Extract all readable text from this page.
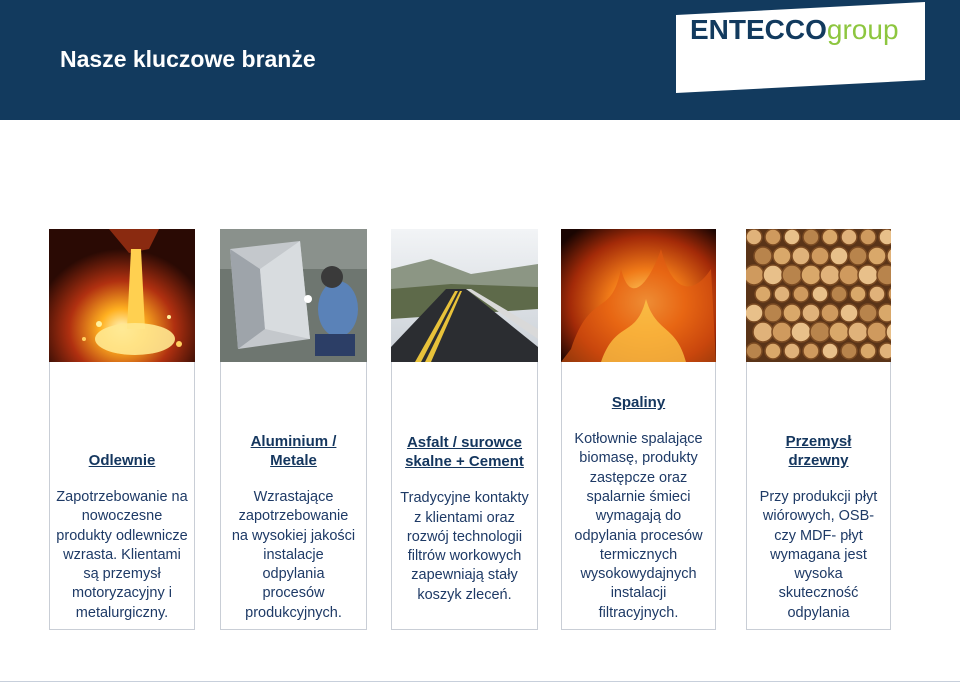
Nasze kluczowe branże
ENTECCOgroup
Odlewnie
Zapotrzebowanie na
nowoczesne
produkty odlewnicze
wzrasta. Klientami
są przemysł
motoryzacyjny i
metalurgiczny.
Aluminium /
Metale
Wzrastające
zapotrzebowanie
na wysokiej jakości
instalacje
odpylania
procesów
produkcyjnych.
Asfalt / surowce
skalne + Cement
Tradycyjne kontakty
z klientami oraz
rozwój technologii
filtrów workowych
zapewniają stały
koszyk zleceń.
Spaliny
Kotłownie spalające
biomasę, produkty
zastępcze oraz
spalarnie śmieci
wymagają do
odpylania procesów
termicznych
wysokowydajnych
instalacji
filtracyjnych.
Przemysł
drzewny
Przy produkcji płyt
wiórowych, OSB-
czy MDF- płyt
wymagana jest
wysoka
skuteczność
odpylania
